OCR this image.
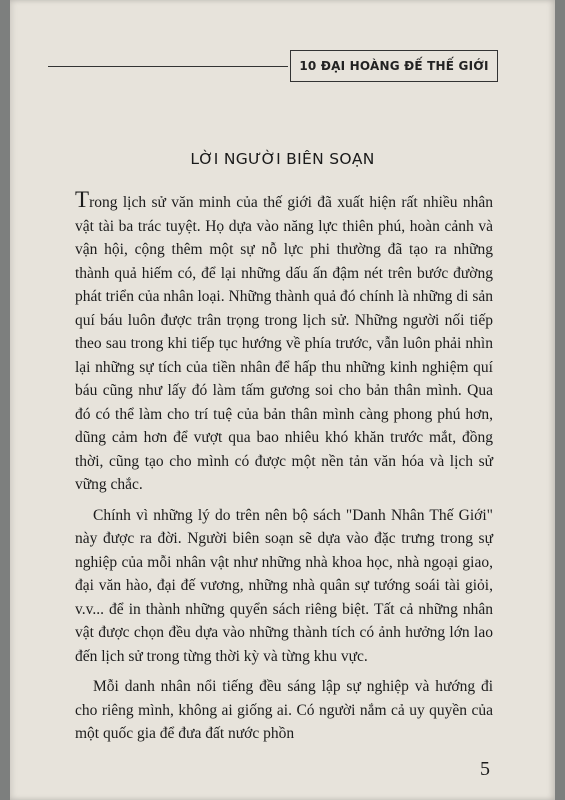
10 ĐẠI HOÀNG ĐẾ THẾ GIỚI
LỜI NGƯỜI BIÊN SOẠN

Trong lịch sử văn minh của thế giới đã xuất hiện rất nhiều nhân vật tài ba trác tuyệt. Họ dựa vào năng lực thiên phú, hoàn cảnh và vận hội, cộng thêm một sự nỗ lực phi thường đã tạo ra những thành quả hiếm có, để lại những dấu ấn đậm nét trên bước đường phát triển của nhân loại. Những thành quả đó chính là những di sản quí báu luôn được trân trọng trong lịch sử. Những người nối tiếp theo sau trong khi tiếp tục hướng về phía trước, vẫn luôn phải nhìn lại những sự tích của tiền nhân để hấp thu những kinh nghiệm quí báu cũng như lấy đó làm tấm gương soi cho bản thân mình. Qua đó có thể làm cho trí tuệ của bản thân mình càng phong phú hơn, dũng cảm hơn để vượt qua bao nhiêu khó khăn trước mắt, đồng thời, cũng tạo cho mình có được một nền tản văn hóa và lịch sử vững chắc.

Chính vì những lý do trên nên bộ sách "Danh Nhân Thế Giới" này được ra đời. Người biên soạn sẽ dựa vào đặc trưng trong sự nghiệp của mỗi nhân vật như những nhà khoa học, nhà ngoại giao, đại văn hào, đại đế vương, những nhà quân sự tướng soái tài giỏi, v.v... để in thành những quyển sách riêng biệt. Tất cả những nhân vật được chọn đều dựa vào những thành tích có ảnh hưởng lớn lao đến lịch sử trong từng thời kỳ và từng khu vực.

Mỗi danh nhân nổi tiếng đều sáng lập sự nghiệp và hướng đi cho riêng mình, không ai giống ai. Có người nắm cả uy quyền của một quốc gia để đưa đất nước phồn

5
